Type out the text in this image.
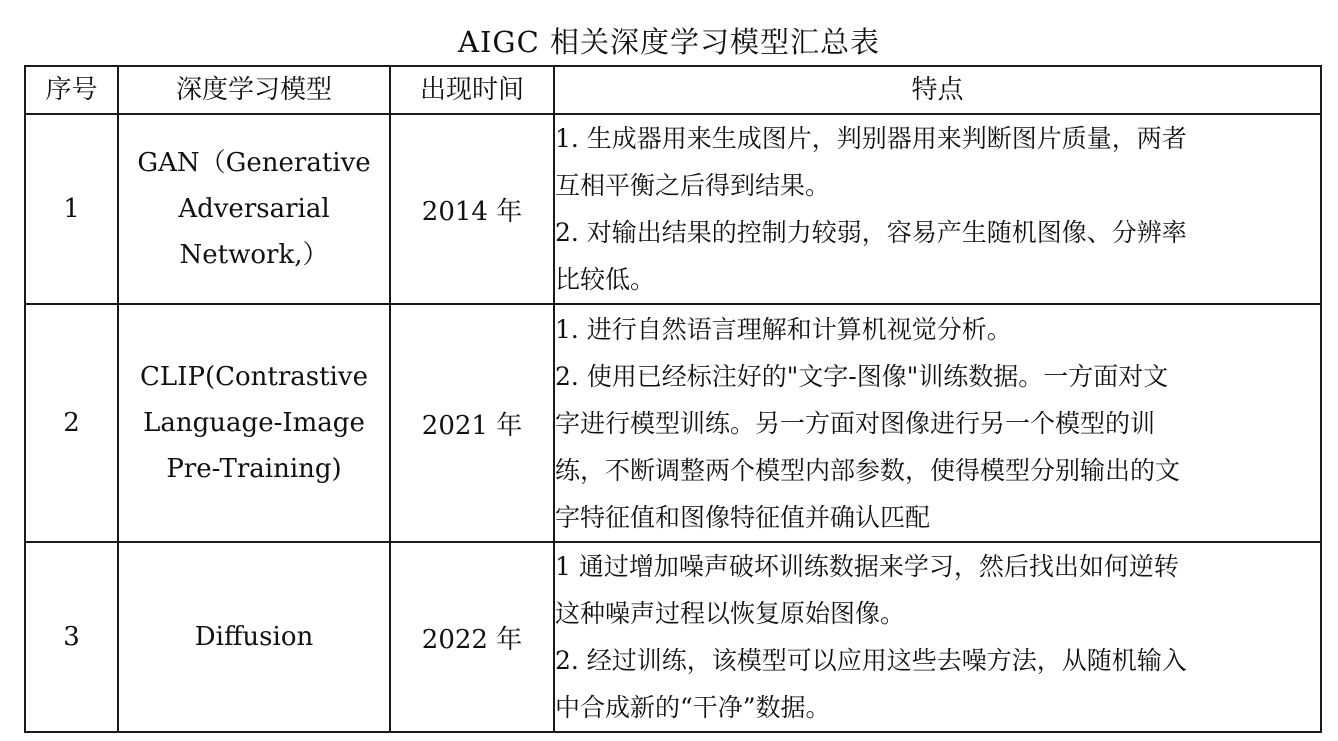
AIGC 相关深度学习模型汇总表
序号	深度学习模型	出现时间	特点
1	GAN（Generative
Adversarial
Network,）	2014 年	1. 生成器用来生成图片，判别器用来判断图片质量，两者
互相平衡之后得到结果。
2. 对输出结果的控制力较弱，容易产生随机图像、分辨率
比较低。

2	CLIP(Contrastive
Language-Image
Pre-Training)	2021 年	1. 进行自然语言理解和计算机视觉分析。
2. 使用已经标注好的"文字-图像"训练数据。一方面对文
字进行模型训练。另一方面对图像进行另一个模型的训
练，不断调整两个模型内部参数，使得模型分别输出的文
字特征值和图像特征值并确认匹配

3	Diffusion	2022 年	1 通过增加噪声破坏训练数据来学习，然后找出如何逆转
这种噪声过程以恢复原始图像。
2. 经过训练，该模型可以应用这些去噪方法，从随机输入
中合成新的“干净”数据。
